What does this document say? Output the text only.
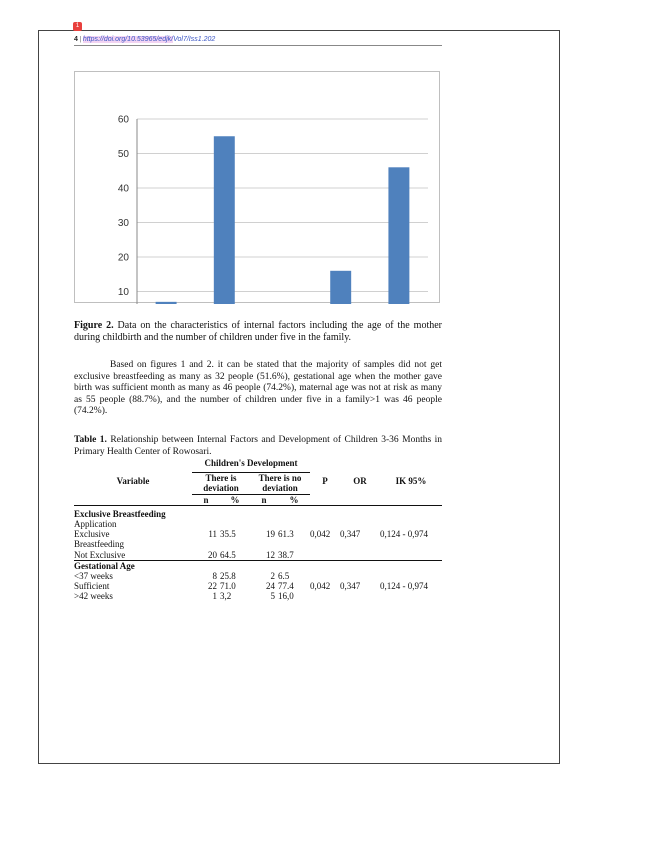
1
4 | https://doi.org/10.53965/edjk/Vol7/Iss1.202
10
20
30
40
50
60
Figure 2. Data on the characteristics of internal factors including the age of the mother during childbirth and the number of children under five in the family.
Based on figures 1 and 2. it can be stated that the majority of samples did not get exclusive breastfeeding as many as 32 people (51.6%), gestational age when the mother gave birth was sufficient month as many as 46 people (74.2%), maternal age was not at risk as many as 55 people (88.7%), and the number of children under five in a family>1 was 46 people (74.2%).
Table 1. Relationship between Internal Factors and Development of Children 3-36 Months in Primary Health Center of Rowosari.
Variable	Children's Development				P	OR	IK 95%
	There is deviation		There is no deviation				
	n	%	n	%			

Exclusive Breastfeeding							
Application							
Exclusive	11	35.5	19	61.3	0,042	0,347	0,124 - 0,974
Breastfeeding							
Not Exclusive	20	64.5	12	38.7			
Gestational Age							
<37 weeks	8	25.8	2	6.5			
Sufficient	22	71.0	24	77.4	0,042	0,347	0,124 - 0,974
>42 weeks	1	3,2	5	16,0			
